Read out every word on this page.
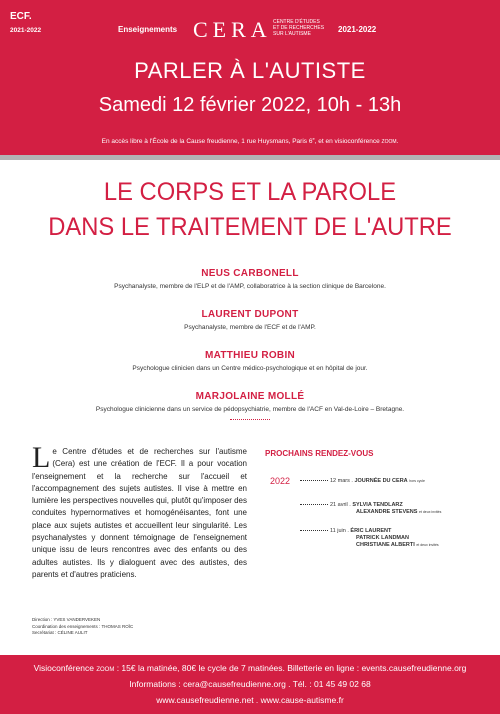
ECF.
2021-2022	Enseignements CERA CENTRE D'ÉTUDES
ET DE RECHERCHES
SUR L'AUTISME	2021-2022
PARLER À L'AUTISTE
Samedi 12 février 2022, 10h - 13h
En accès libre à l'École de la Cause freudienne, 1 rue Huysmans, Paris 6e, et en visioconférence ZOOM.
LE CORPS ET LA PAROLE
DANS LE TRAITEMENT DE L'AUTRE
NEUS CARBONELL
Psychanalyste, membre de l'ELP et de l'AMP, collaboratrice à la section clinique de Barcelone.
LAURENT DUPONT
Psychanalyste, membre de l'ECF et de l'AMP.
MATTHIEU ROBIN
Psychologue clinicien dans un Centre médico-psychologique et en hôpital de jour.
MARJOLAINE MOLLÉ
Psychologue clinicienne dans un service de pédopsychiatrie, membre de l'ACF en Val-de-Loire – Bretagne.
Le Centre d'études et de recherches sur l'autisme (Cera) est une création de l'ECF. Il a pour vocation l'enseignement et la recherche sur l'accueil et l'accompagnement des sujets autistes. Il vise à mettre en lumière les perspectives nouvelles qui, plutôt qu'imposer des conduites hypernormatives et homogénéisantes, font une place aux sujets autistes et accueillent leur singularité. Les psychanalystes y donnent témoignage de l'enseignement unique issu de leurs rencontres avec des enfants ou des adultes autistes. Ils y dialoguent avec des autistes, des parents et d'autres praticiens.
Direction : YVES VANDERVEKEN
Coordination des enseignements : THOMAS ROÏC
Secrétariat : CÉLINE AULIT
PROCHAINS RENDEZ-VOUS
2022	12 mars . JOURNÉE DU CERA hors cycle
21 avril . SYLVIA TENDLARZ
ALEXANDRE STEVENS et deux invités
11 juin . ÉRIC LAURENT
PATRICK LANDMAN
CHRISTIANE ALBERTI et deux invités
Visioconférence ZOOM : 15€ la matinée, 80€ le cycle de 7 matinées. Billetterie en ligne : events.causefreudienne.org
Informations : cera@causefreudienne.org . Tél. : 01 45 49 02 68
www.causefreudienne.net . www.cause-autisme.fr
